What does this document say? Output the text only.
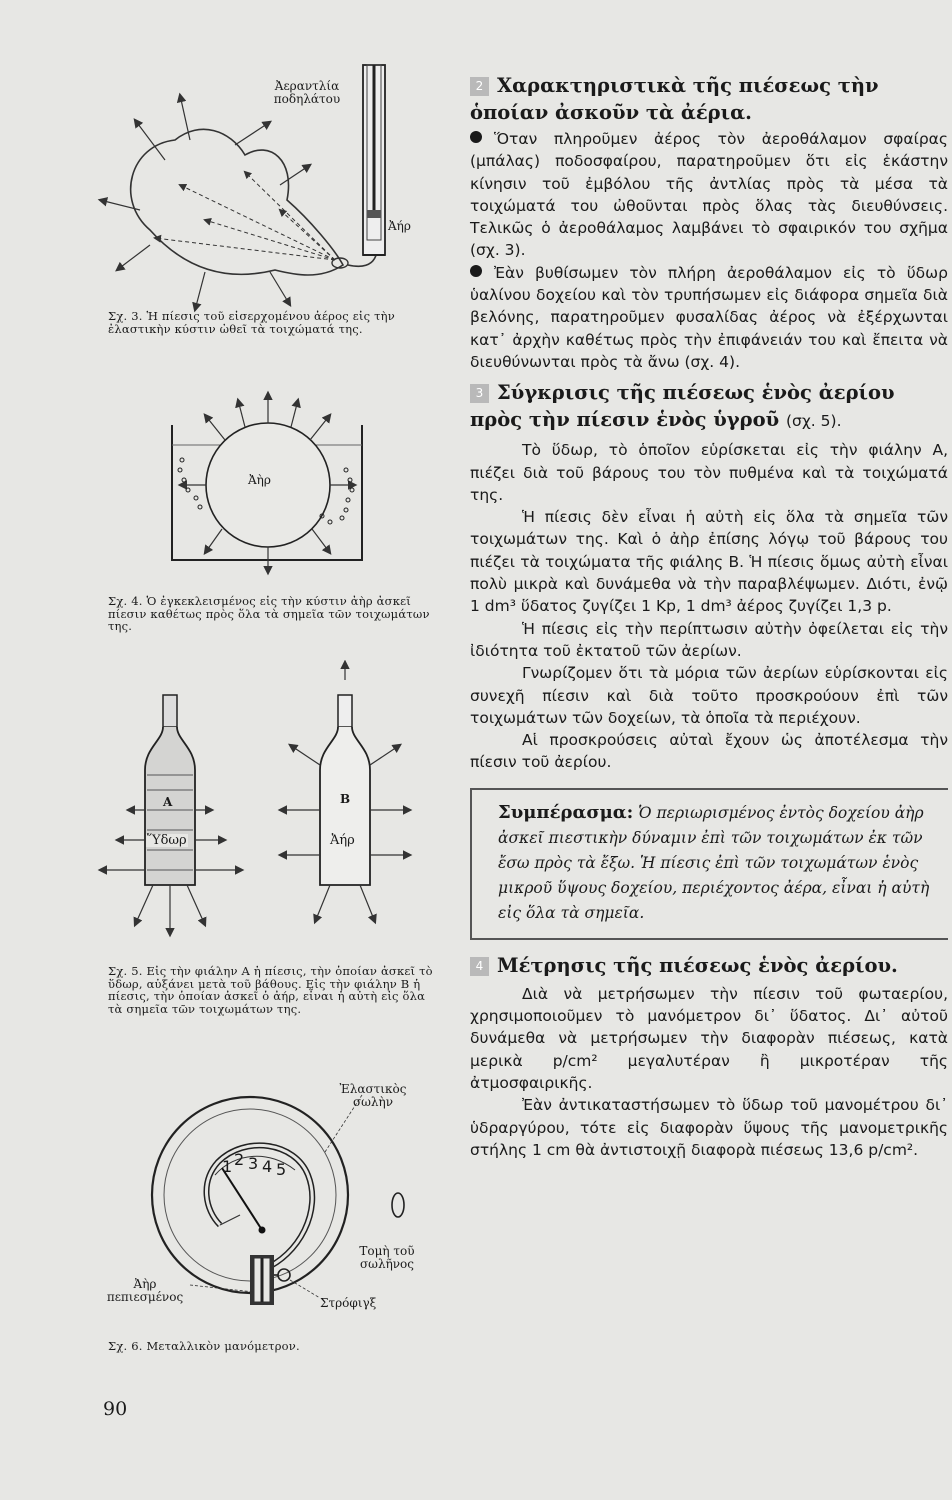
Ἀεραντλία
ποδηλάτου
Ἀήρ
Σχ. 3. Ἡ πίεσις τοῦ εἰσερχομένου ἀέρος εἰς τὴν ἐλαστικὴν κύστιν ὠθεῖ τὰ τοιχώματά της.
Ἀὴρ
Σχ. 4. Ὁ ἐγκεκλεισμένος εἰς τὴν κύστιν ἀὴρ ἀσκεῖ πίεσιν καθέτως πρὸς ὅλα τὰ σημεῖα τῶν τοιχωμάτων της.
Α
Ὕδωρ
Β
Ἀήρ
Σχ. 5. Εἰς τὴν φιάλην Α ἡ πίεσις, τὴν ὁποίαν ἀσκεῖ τὸ ὕδωρ, αὐξάνει μετὰ τοῦ βάθους. Εἰς τὴν φιάλην Β ἡ πίεσις, τὴν ὁποίαν ἀσκεῖ ὁ ἀήρ, εἶναι ἡ αὐτὴ εἰς ὅλα τὰ σημεῖα τῶν τοιχωμάτων της.
1 2 3 4 5
Ἐλαστικὸς
σωλὴν
Τομὴ τοῦ
σωλῆνος
Ἀὴρ
πεπιεσμένος	Στρόφιγξ
Σχ. 6. Μεταλλικὸν μανόμετρον.
90
2 Χαρακτηριστικὰ τῆς πιέσεως τὴν ὁποίαν ἀσκοῦν τὰ ἀέρια.

Ὅταν πληροῦμεν ἀέρος τὸν ἀεροθάλαμον σφαίρας (μπάλας) ποδοσφαίρου, παρατηροῦμεν ὅτι εἰς ἑκάστην κίνησιν τοῦ ἐμβόλου τῆς ἀντλίας πρὸς τὰ μέσα τὰ τοιχώματά του ὠθοῦνται πρὸς ὅλας τὰς διευθύνσεις. Τελικῶς ὁ ἀεροθάλαμος λαμβάνει τὸ σφαιρικόν του σχῆμα (σχ. 3).

Ἐὰν βυθίσωμεν τὸν πλήρη ἀεροθάλαμον εἰς τὸ ὕδωρ ὑαλίνου δοχείου καὶ τὸν τρυπήσωμεν εἰς διάφορα σημεῖα διὰ βελόνης, παρατηροῦμεν φυσαλίδας ἀέρος νὰ ἐξέρχωνται κατ᾽ ἀρχὴν καθέτως πρὸς τὴν ἐπιφάνειάν του καὶ ἔπειτα νὰ διευθύνωνται πρὸς τὰ ἄνω (σχ. 4).

3 Σύγκρισις τῆς πιέσεως ἑνὸς ἀερίου πρὸς τὴν πίεσιν ἑνὸς ὑγροῦ (σχ. 5).

Τὸ ὕδωρ, τὸ ὁποῖον εὑρίσκεται εἰς τὴν φιάλην Α, πιέζει διὰ τοῦ βάρους του τὸν πυθμένα καὶ τὰ τοιχώματά της.

Ἡ πίεσις δὲν εἶναι ἡ αὐτὴ εἰς ὅλα τὰ σημεῖα τῶν τοιχωμάτων της. Καὶ ὁ ἀὴρ ἐπίσης λόγῳ τοῦ βάρους του πιέζει τὰ τοιχώματα τῆς φιάλης Β. Ἡ πίεσις ὅμως αὐτὴ εἶναι πολὺ μικρὰ καὶ δυνάμεθα νὰ τὴν παραβλέψωμεν. Διότι, ἐνῷ 1 dm³ ὕδατος ζυγίζει 1 Kp, 1 dm³ ἀέρος ζυγίζει 1,3 p.

Ἡ πίεσις εἰς τὴν περίπτωσιν αὐτὴν ὀφείλεται εἰς τὴν ἰδιότητα τοῦ ἐκτατοῦ τῶν ἀερίων.

Γνωρίζομεν ὅτι τὰ μόρια τῶν ἀερίων εὑρίσκονται εἰς συνεχῆ πίεσιν καὶ διὰ τοῦτο προσκρούουν ἐπὶ τῶν τοιχωμάτων τῶν δοχείων, τὰ ὁποῖα τὰ περιέχουν.

Αἱ προσκρούσεις αὐταὶ ἔχουν ὡς ἀποτέλεσμα τὴν πίεσιν τοῦ ἀερίου.

Συμπέρασμα: Ὁ περιωρισμένος ἐντὸς δοχείου ἀὴρ ἀσκεῖ πιεστικὴν δύναμιν ἐπὶ τῶν τοιχωμάτων ἐκ τῶν ἔσω πρὸς τὰ ἔξω. Ἡ πίεσις ἐπὶ τῶν τοιχωμάτων ἑνὸς μικροῦ ὕψους δοχείου, περιέχοντος ἀέρα, εἶναι ἡ αὐτὴ εἰς ὅλα τὰ σημεῖα.
4 Μέτρησις τῆς πιέσεως ἑνὸς ἀερίου.

Διὰ νὰ μετρήσωμεν τὴν πίεσιν τοῦ φωταερίου, χρησιμοποιοῦμεν τὸ μανόμετρον δι᾽ ὕδατος. Δι᾽ αὐτοῦ δυνάμεθα νὰ μετρήσωμεν τὴν διαφορὰν πιέσεως, κατὰ μερικὰ p/cm² μεγαλυτέραν ἢ μικροτέραν τῆς ἀτμοσφαιρικῆς.

Ἐὰν ἀντικαταστήσωμεν τὸ ὕδωρ τοῦ μανομέτρου δι᾽ ὑδραργύρου, τότε εἰς διαφορὰν ὕψους τῆς μανομετρικῆς στήλης 1 cm θὰ ἀντιστοιχῇ διαφορὰ πιέσεως 13,6 p/cm².
